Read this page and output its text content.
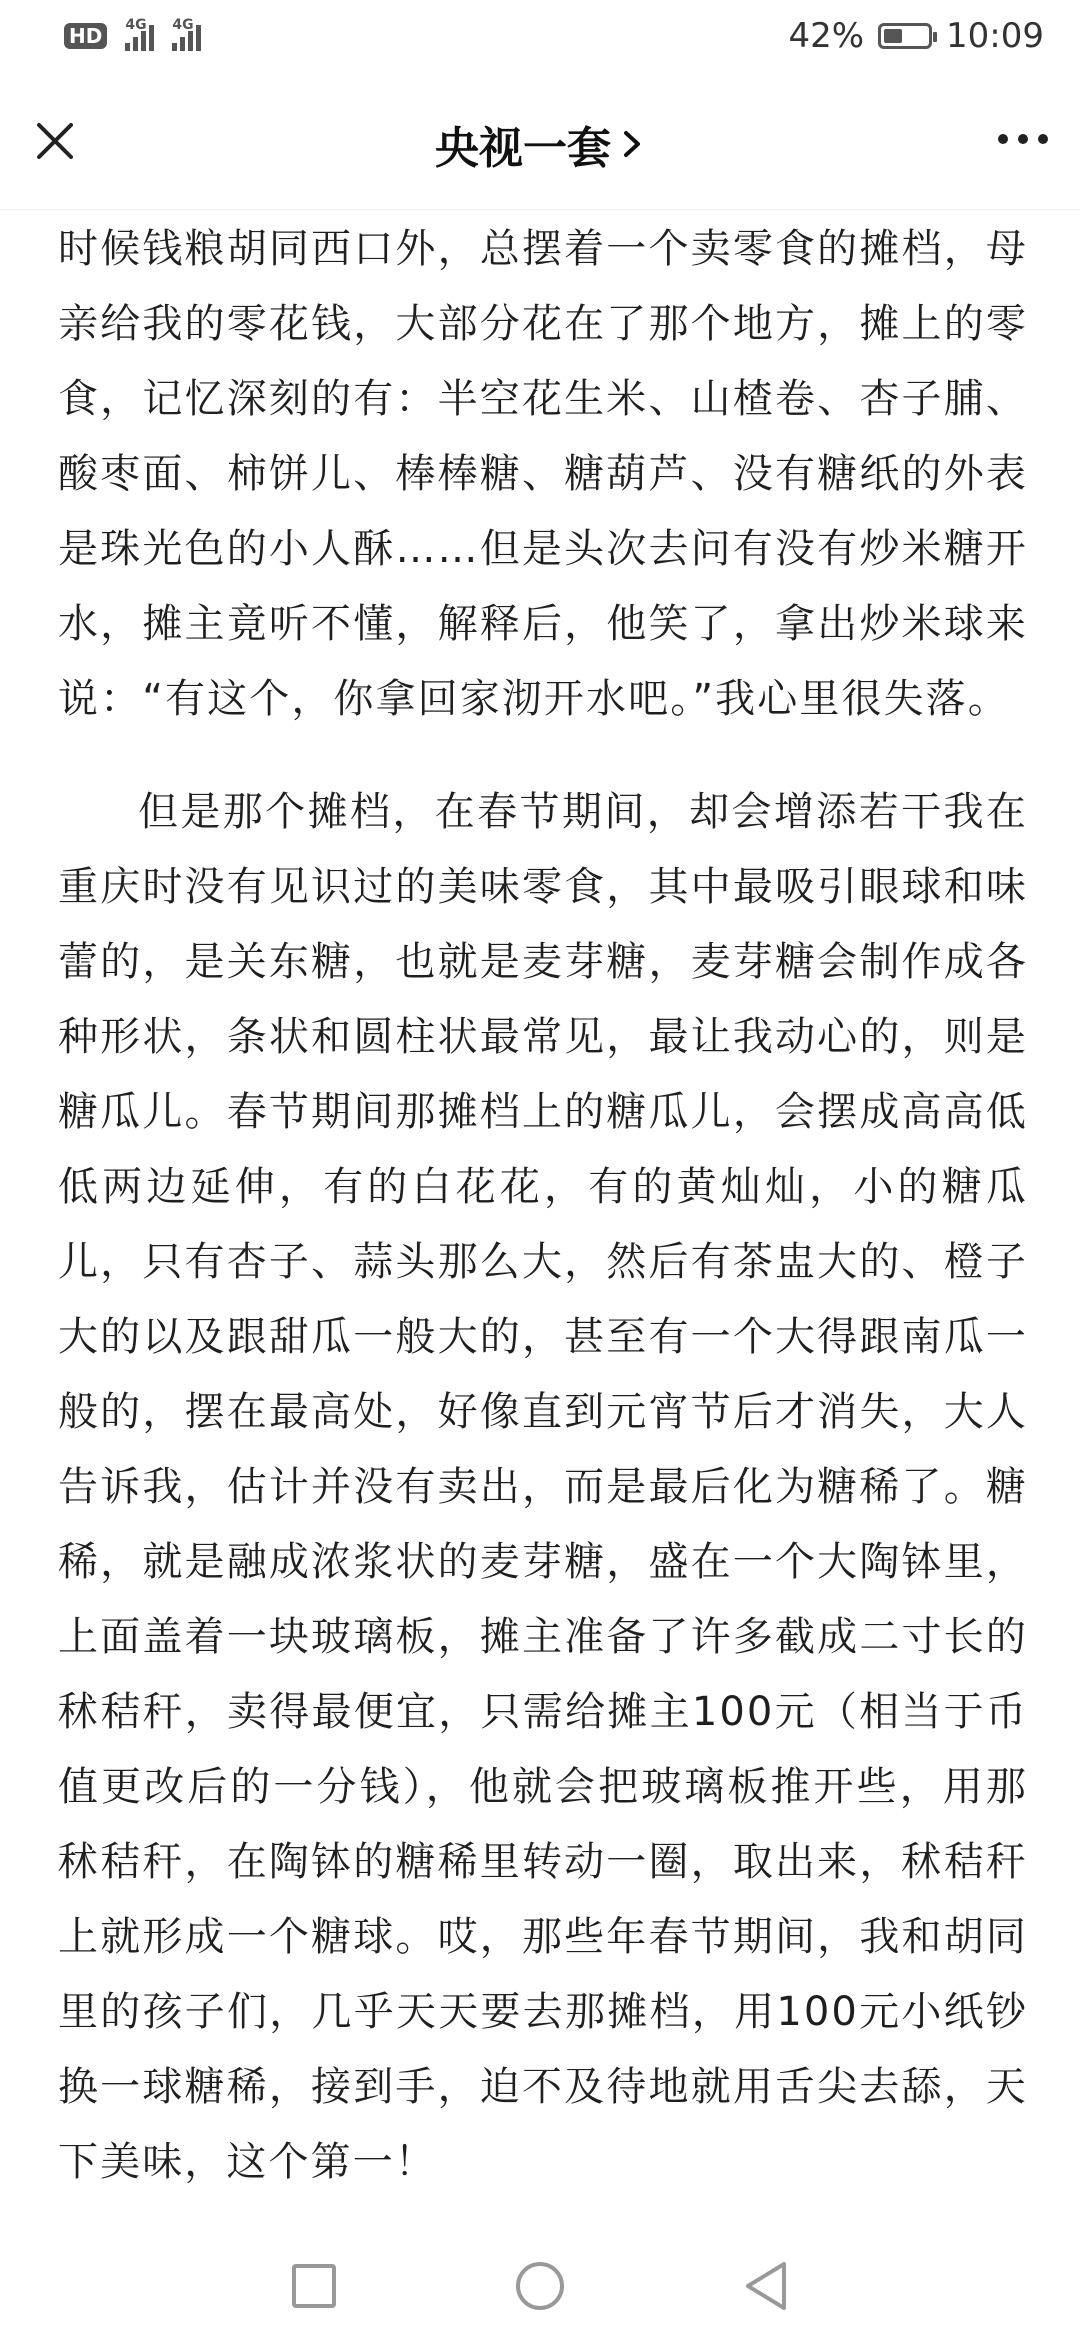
HD	4G 4G	42% 10:09
央视一套

时候钱粮胡同西口外，总摆着一个卖零食的摊档，母亲给我的零花钱，大部分花在了那个地方，摊上的零食，记忆深刻的有：半空花生米、山楂卷、杏子脯、酸枣面、柿饼儿、棒棒糖、糖葫芦、没有糖纸的外表是珠光色的小人酥……但是头次去问有没有炒米糖开水，摊主竟听不懂，解释后，他笑了，拿出炒米球来说：“有这个，你拿回家沏开水吧。”我心里很失落。

但是那个摊档，在春节期间，却会增添若干我在重庆时没有见识过的美味零食，其中最吸引眼球和味蕾的，是关东糖，也就是麦芽糖，麦芽糖会制作成各种形状，条状和圆柱状最常见，最让我动心的，则是糖瓜儿。春节期间那摊档上的糖瓜儿，会摆成高高低低两边延伸，有的白花花，有的黄灿灿，小的糖瓜儿，只有杏子、蒜头那么大，然后有茶盅大的、橙子大的以及跟甜瓜一般大的，甚至有一个大得跟南瓜一般的，摆在最高处，好像直到元宵节后才消失，大人告诉我，估计并没有卖出，而是最后化为糖稀了。糖稀，就是融成浓浆状的麦芽糖，盛在一个大陶钵里，上面盖着一块玻璃板，摊主准备了许多截成二寸长的秫秸秆，卖得最便宜，只需给摊主100元（相当于币值更改后的一分钱），他就会把玻璃板推开些，用那秫秸秆，在陶钵的糖稀里转动一圈，取出来，秫秸秆上就形成一个糖球。哎，那些年春节期间，我和胡同里的孩子们，几乎天天要去那摊档，用100元小纸钞换一球糖稀，接到手，迫不及待地就用舌尖去舔，天下美味，这个第一！
